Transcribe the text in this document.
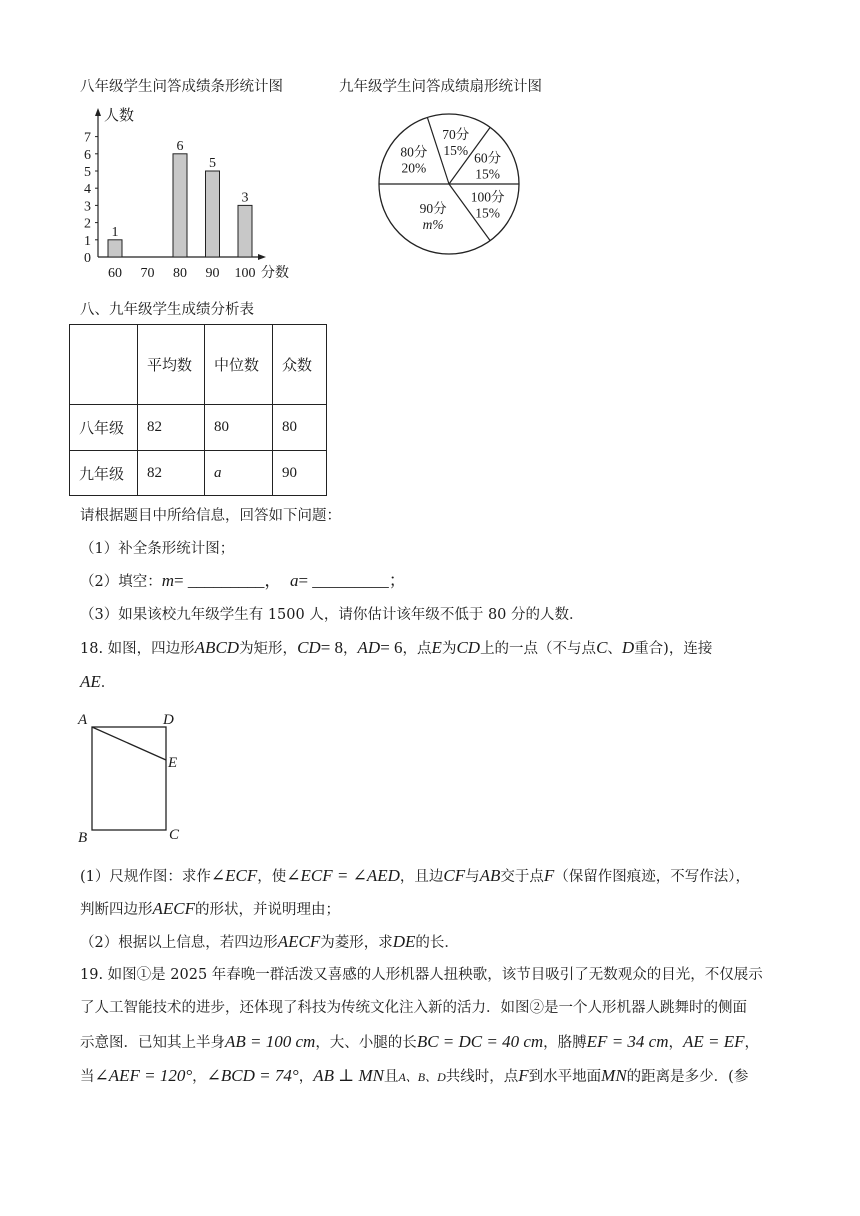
八年级学生问答成绩条形统计图	九年级学生问答成绩扇形统计图
人数
0
1
2
3
4
5
6
7
1
60 70
6
80
5
90
3
100 分数
70分
15% 60分
15%
100分
15%
90分
m%
80分
20%
八、九年级学生成绩分析表
	平均数	中位数	众数
八年级	82	80	80
九年级	82	a	90
请根据题目中所给信息，回答如下问题：
（1）补全条形统计图；
（2）填空：m= _________， a= _________；
（3）如果该校九年级学生有 1500 人，请你估计该年级不低于 80 分的人数．
18. 如图，四边形ABCD为矩形，CD= 8，AD= 6，点E为CD上的一点（不与点C、D重合)，连接
AE．
A	D
E
B	C
(1）尺规作图：求作∠ECF，使∠ECF = ∠AED，且边CF与AB交于点F（保留作图痕迹，不写作法），
判断四边形AECF的形状，并说明理由；
（2）根据以上信息，若四边形AECF为菱形，求DE的长．
19. 如图①是 2025 年春晚一群活泼又喜感的人形机器人扭秧歌，该节目吸引了无数观众的目光，不仅展示
了人工智能技术的进步，还体现了科技为传统文化注入新的活力．如图②是一个人形机器人跳舞时的侧面
示意图．已知其上半身AB = 100 cm，大、小腿的长BC = DC = 40 cm，胳膊EF = 34 cm，AE = EF，
当∠AEF = 120°，∠BCD = 74°，AB ⊥ MN且A、B、D共线时，点F到水平地面MN的距离是多少．(参
